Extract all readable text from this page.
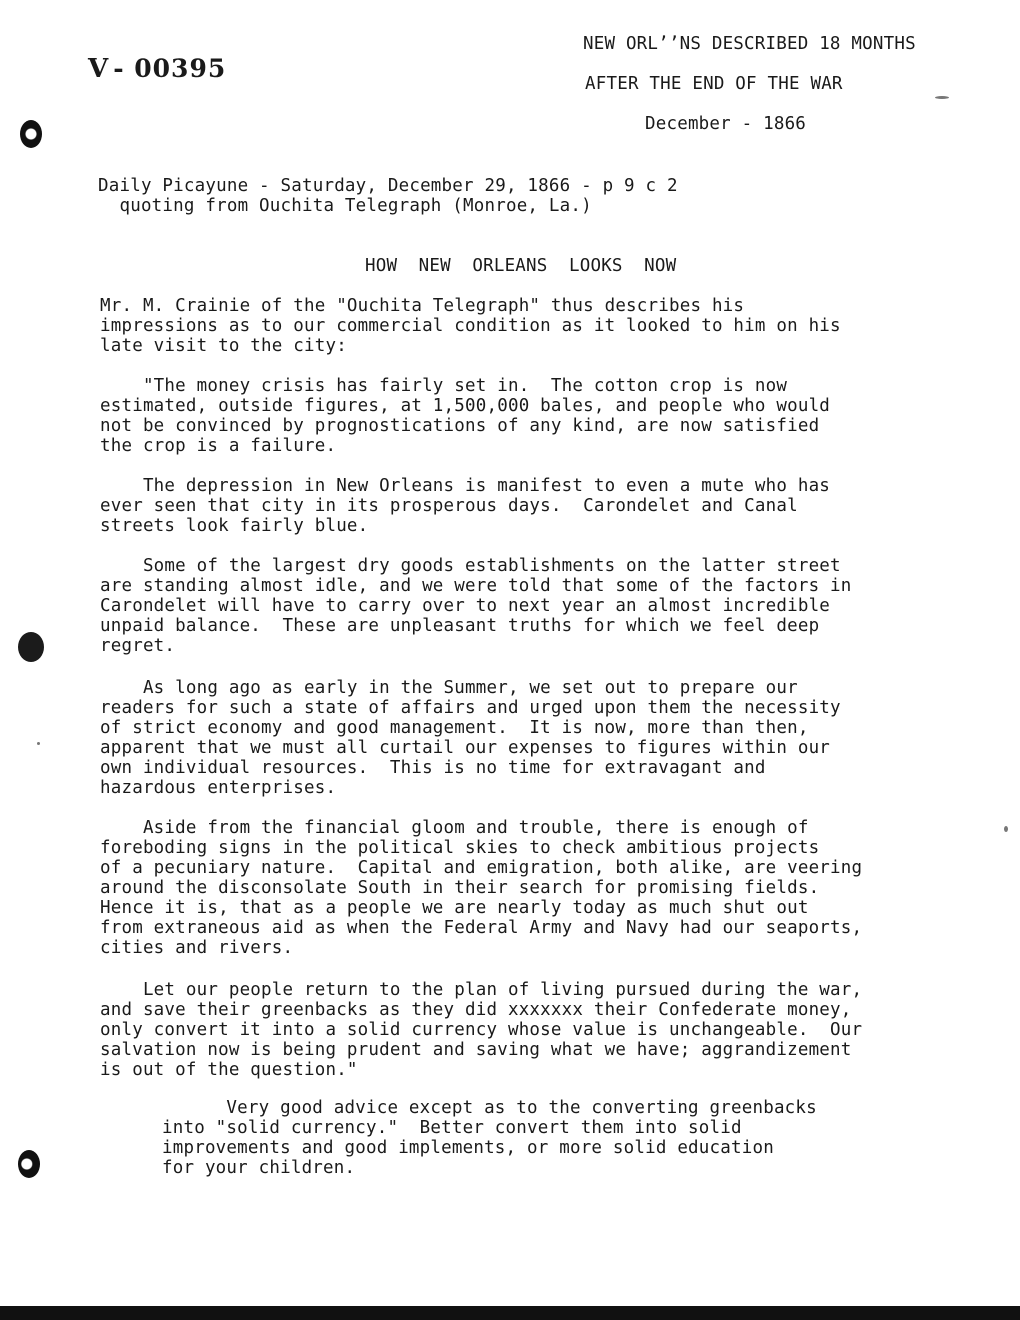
V - 00395
NEW ORLʼʼNS DESCRIBED 18 MONTHS
AFTER THE END OF THE WAR
December - 1866
Daily Picayune - Saturday, December 29, 1866 - p 9 c 2
quoting from Ouchita Telegraph (Monroe, La.)
HOW  NEW  ORLEANS  LOOKS  NOW
Mr. M. Crainie of the "Ouchita Telegraph" thus describes his
impressions as to our commercial condition as it looked to him on his
late visit to the city:
"The money crisis has fairly set in.  The cotton crop is now
estimated, outside figures, at 1,500,000 bales, and people who would
not be convinced by prognostications of any kind, are now satisfied
the crop is a failure.
The depression in New Orleans is manifest to even a mute who has
ever seen that city in its prosperous days.  Carondelet and Canal
streets look fairly blue.
Some of the largest dry goods establishments on the latter street
are standing almost idle, and we were told that some of the factors in
Carondelet will have to carry over to next year an almost incredible
unpaid balance.  These are unpleasant truths for which we feel deep
regret.
As long ago as early in the Summer, we set out to prepare our
readers for such a state of affairs and urged upon them the necessity
of strict economy and good management.  It is now, more than then,
apparent that we must all curtail our expenses to figures within our
own individual resources.  This is no time for extravagant and
hazardous enterprises.
Aside from the financial gloom and trouble, there is enough of
foreboding signs in the political skies to check ambitious projects
of a pecuniary nature.  Capital and emigration, both alike, are veering
around the disconsolate South in their search for promising fields.
Hence it is, that as a people we are nearly today as much shut out
from extraneous aid as when the Federal Army and Navy had our seaports,
cities and rivers.
Let our people return to the plan of living pursued during the war,
and save their greenbacks as they did xxxxxxx their Confederate money,
only convert it into a solid currency whose value is unchangeable.  Our
salvation now is being prudent and saving what we have; aggrandizement
is out of the question."
Very good advice except as to the converting greenbacks
into "solid currency."  Better convert them into solid
improvements and good implements, or more solid education
for your children.
